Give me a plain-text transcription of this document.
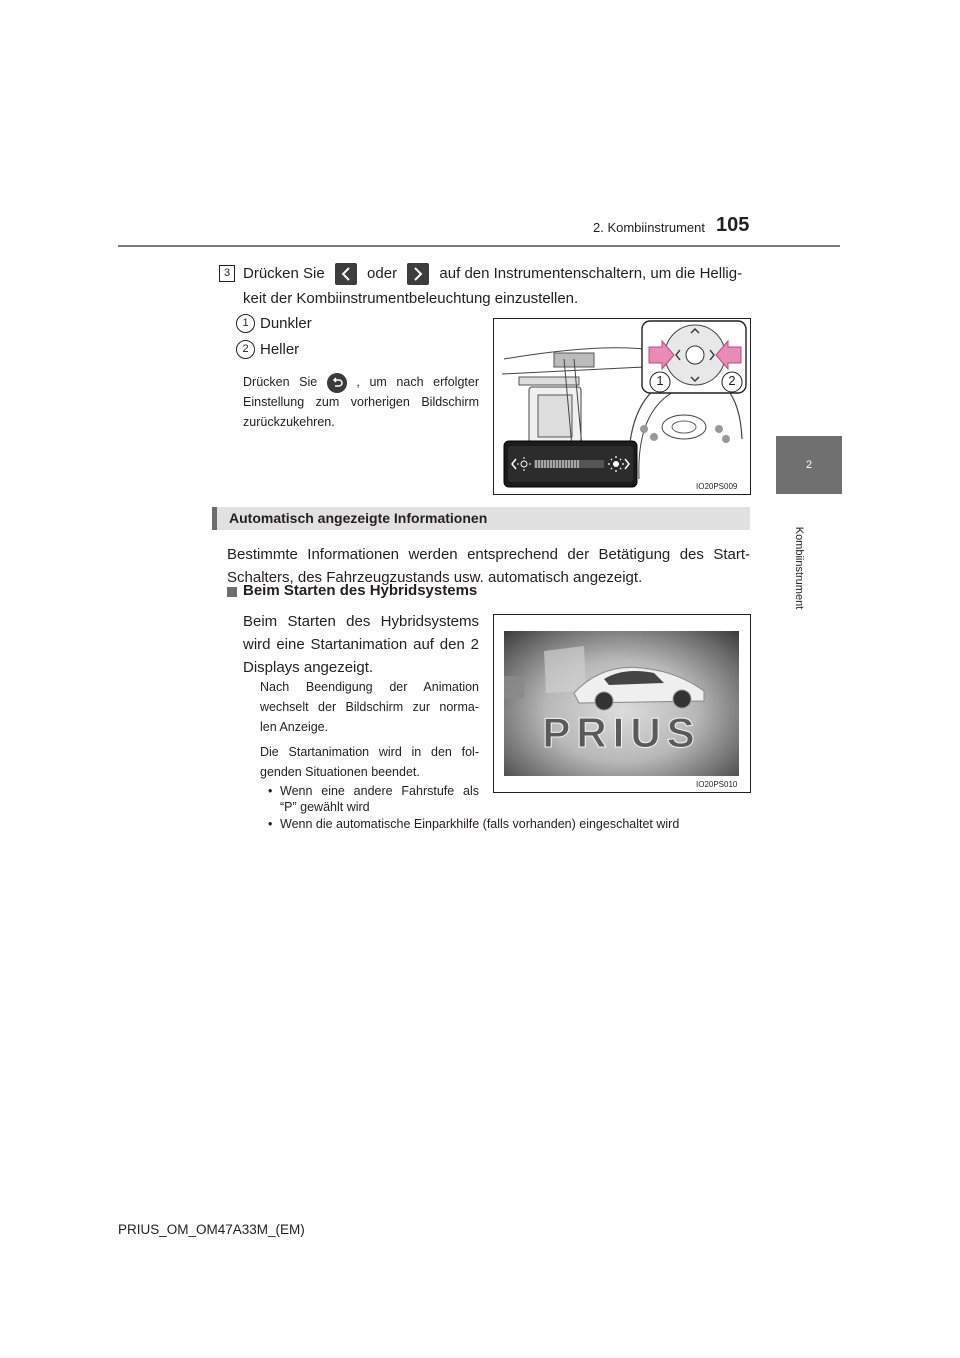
2. Kombiinstrument 105
2
Kombiinstrument
3 Drücken Sie	oder	auf den Instrumentenschaltern, um die Hellig-
keit der Kombiinstrumentbeleuchtung einzustellen.
1 Dunkler
2 Heller
Drücken Sie	, um nach erfolgter
Einstellung zum vorherigen Bildschirm
zurückzukehren.
1	2
IO20PS009
Automatisch angezeigte Informationen
Bestimmte Informationen werden entsprechend der Betätigung des Start-
Schalters, des Fahrzeugzustands usw. automatisch angezeigt.
Beim Starten des Hybridsystems
Beim Starten des Hybridsystems
wird eine Startanimation auf den 2
Displays angezeigt.
Nach Beendigung der Animation
wechselt der Bildschirm zur norma-
len Anzeige.
Die Startanimation wird in den fol-
genden Situationen beendet.
• Wenn eine andere Fahrstufe als
“P” gewählt wird
• Wenn die automatische Einparkhilfe (falls vorhanden) eingeschaltet wird
PRIUS
IO20PS010
PRIUS_OM_OM47A33M_(EM)
